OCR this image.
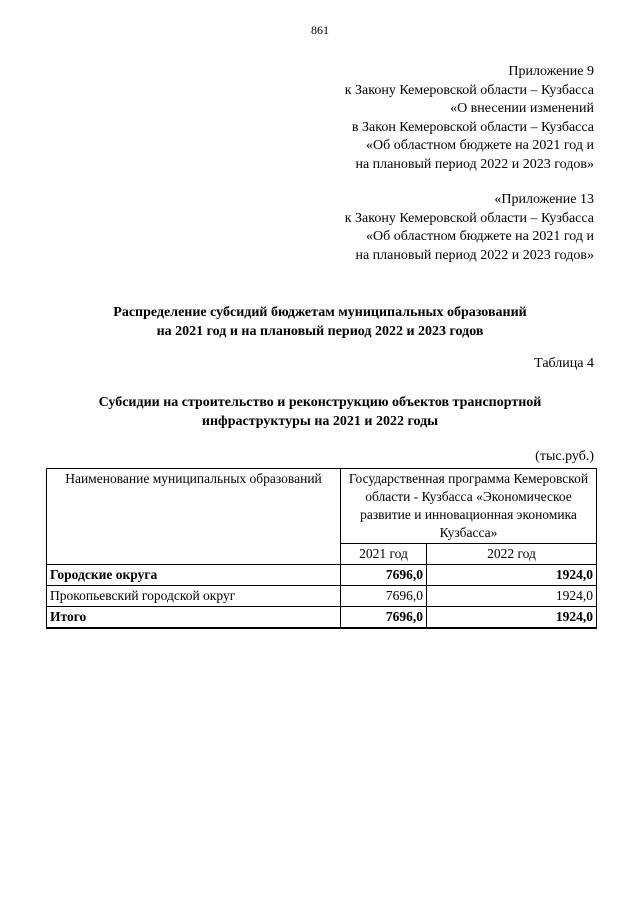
861
Приложение 9
к Закону Кемеровской области – Кузбасса
«О внесении изменений
в Закон Кемеровской области – Кузбасса
«Об областном бюджете на 2021 год и
на плановый период 2022 и 2023 годов»
«Приложение 13
к Закону Кемеровской области – Кузбасса
«Об областном бюджете на 2021 год и
на плановый период 2022 и 2023 годов»
Распределение субсидий бюджетам муниципальных образований
на 2021 год и на плановый период 2022 и 2023 годов
Таблица 4
Субсидии на строительство и реконструкцию объектов транспортной
инфраструктуры на 2021 и 2022 годы
(тыс.руб.)
Наименование муниципальных образований	Государственная программа Кемеровской области - Кузбасса «Экономическое развитие и инновационная экономика Кузбасса»	
	2021 год	2022 год
Городские округа	7696,0	1924,0
Прокопьевский городской округ	7696,0	1924,0
Итого	7696,0	1924,0
